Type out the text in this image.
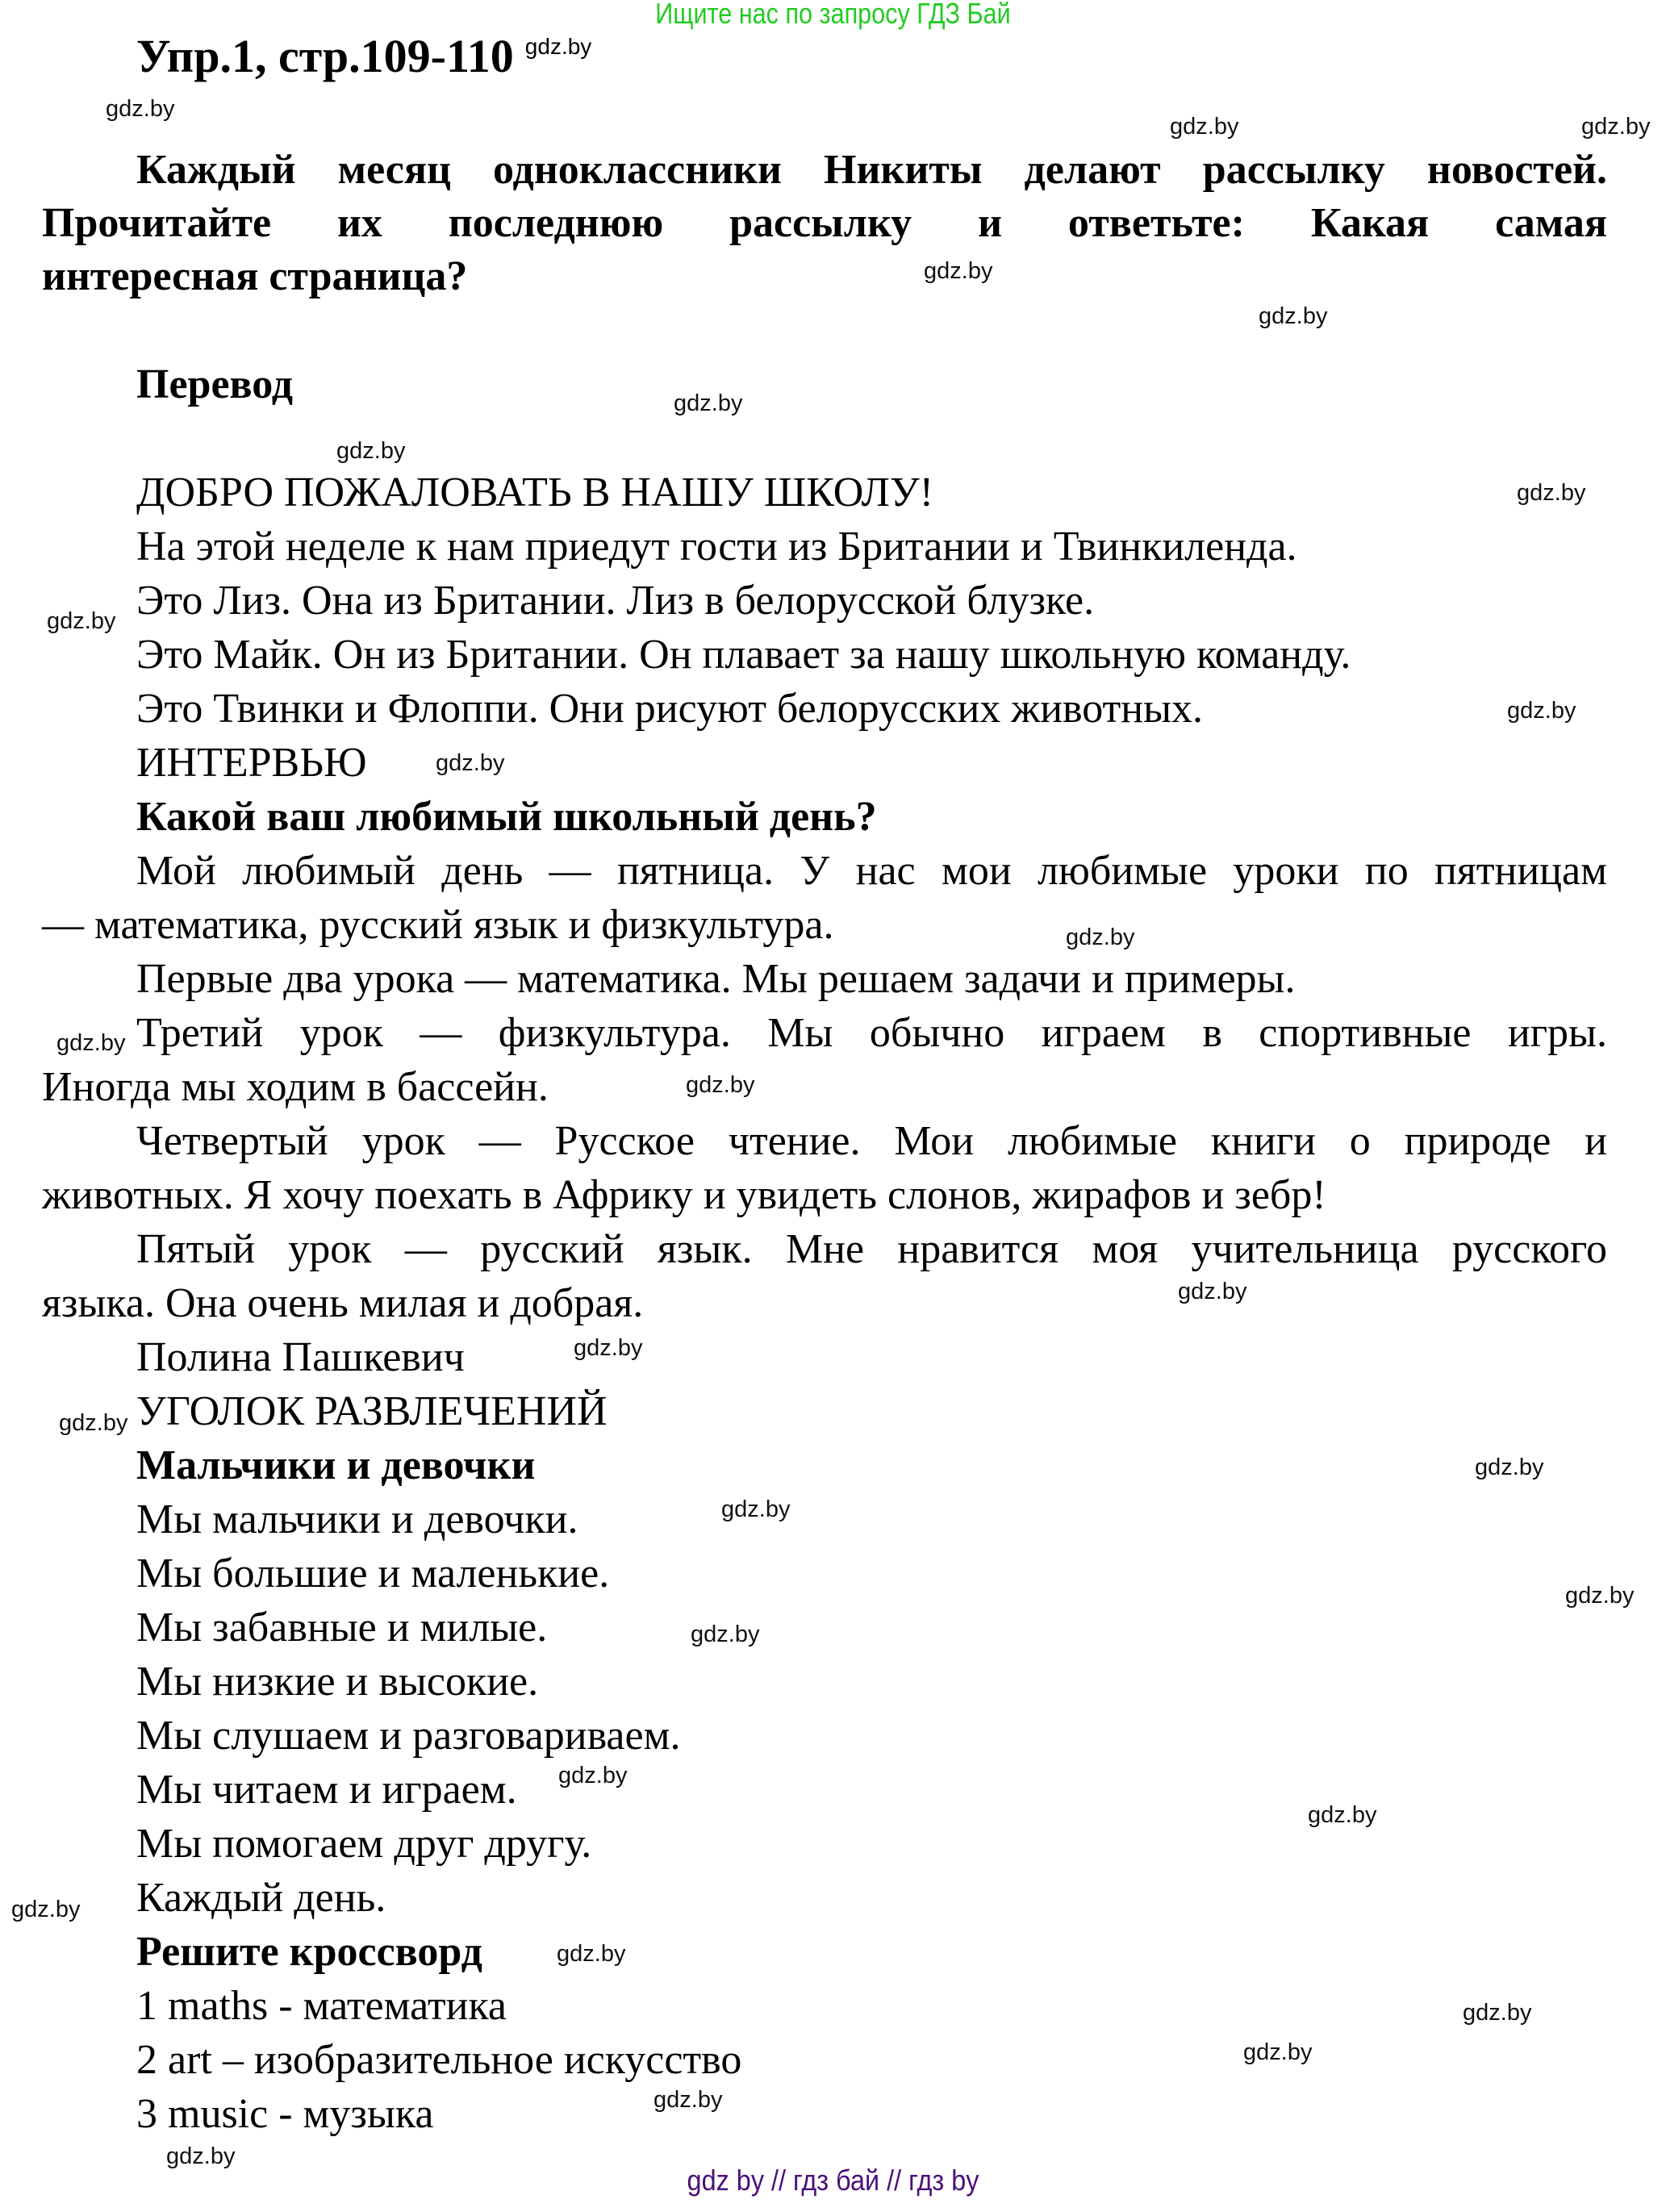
Ищите нас по запросу ГДЗ Бай
Упр.1, стр.109-110 $^{gdz.by}$
Каждый месяц одноклассники Никиты делают рассылку новостей.
Прочитайте их последнюю рассылку и ответьте: Какая самая
интересная страница?
Перевод
ДОБРО ПОЖАЛОВАТЬ В НАШУ ШКОЛУ!
На этой неделе к нам приедут гости из Британии и Твинкиленда.
Это Лиз. Она из Британии. Лиз в белорусской блузке.
Это Майк. Он из Британии. Он плавает за нашу школьную команду.
Это Твинки и Флоппи. Они рисуют белорусских животных.
ИНТЕРВЬЮ
Какой ваш любимый школьный день?
Мой любимый день — пятница. У нас мои любимые уроки по пятницам
— математика, русский язык и физкультура.
Первые два урока — математика. Мы решаем задачи и примеры.
Третий урок — физкультура. Мы обычно играем в спортивные игры.
Иногда мы ходим в бассейн.
Четвертый урок — Русское чтение. Мои любимые книги о природе и
животных. Я хочу поехать в Африку и увидеть слонов, жирафов и зебр!
Пятый урок — русский язык. Мне нравится моя учительница русского
языка. Она очень милая и добрая.
Полина Пашкевич
УГОЛОК РАЗВЛЕЧЕНИЙ
Мальчики и девочки
Мы мальчики и девочки.
Мы большие и маленькие.
Мы забавные и милые.
Мы низкие и высокие.
Мы слушаем и разговариваем.
Мы читаем и играем.
Мы помогаем друг другу.
Каждый день.
Решите кроссворд
1 maths - математика
2 art – изобразительное искусство
3 music - музыка
gdz.by
gdz.by	gdz.by
gdz.by
gdz.by
gdz.by
gdz.by
gdz.by
gdz.by
gdz.by
gdz.by
gdz.by
gdz.by
gdz.by
gdz.by
gdz.by
gdz.by
gdz.by
gdz.by
gdz.by
gdz.by
gdz.by
gdz.by
gdz.by
gdz.by
gdz.by
gdz.by
gdz.by
gdz.by
gdz by // гдз бай // гдз by
